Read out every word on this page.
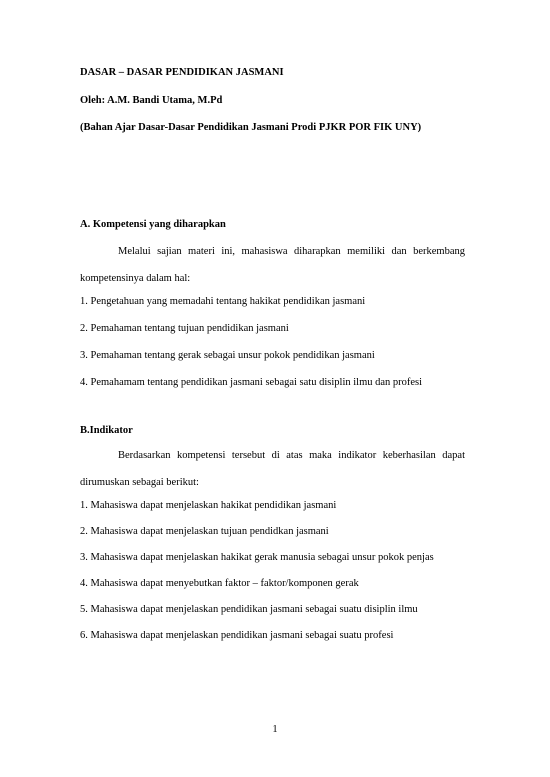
DASAR – DASAR PENDIDIKAN JASMANI
Oleh: A.M. Bandi Utama, M.Pd
(Bahan Ajar Dasar-Dasar Pendidikan Jasmani Prodi PJKR POR FIK UNY)
A. Kompetensi yang diharapkan
Melalui sajian materi ini, mahasiswa diharapkan memiliki dan berkembang
kompetensinya dalam hal:
1. Pengetahuan yang memadahi tentang hakikat pendidikan jasmani
2. Pemahaman tentang tujuan pendidikan jasmani
3. Pemahaman tentang gerak sebagai unsur pokok pendidikan jasmani
4. Pemahamam tentang pendidikan jasmani sebagai satu disiplin ilmu dan profesi
B.Indikator
Berdasarkan kompetensi tersebut di atas maka indikator keberhasilan dapat
dirumuskan sebagai berikut:
1. Mahasiswa dapat menjelaskan hakikat pendidikan jasmani
2. Mahasiswa dapat menjelaskan tujuan pendidkan jasmani
3. Mahasiswa dapat menjelaskan hakikat gerak manusia sebagai unsur pokok penjas
4. Mahasiswa dapat menyebutkan faktor – faktor/komponen gerak
5. Mahasiswa dapat menjelaskan pendidikan jasmani sebagai suatu disiplin ilmu
6. Mahasiswa dapat menjelaskan pendidikan jasmani sebagai suatu profesi
1
